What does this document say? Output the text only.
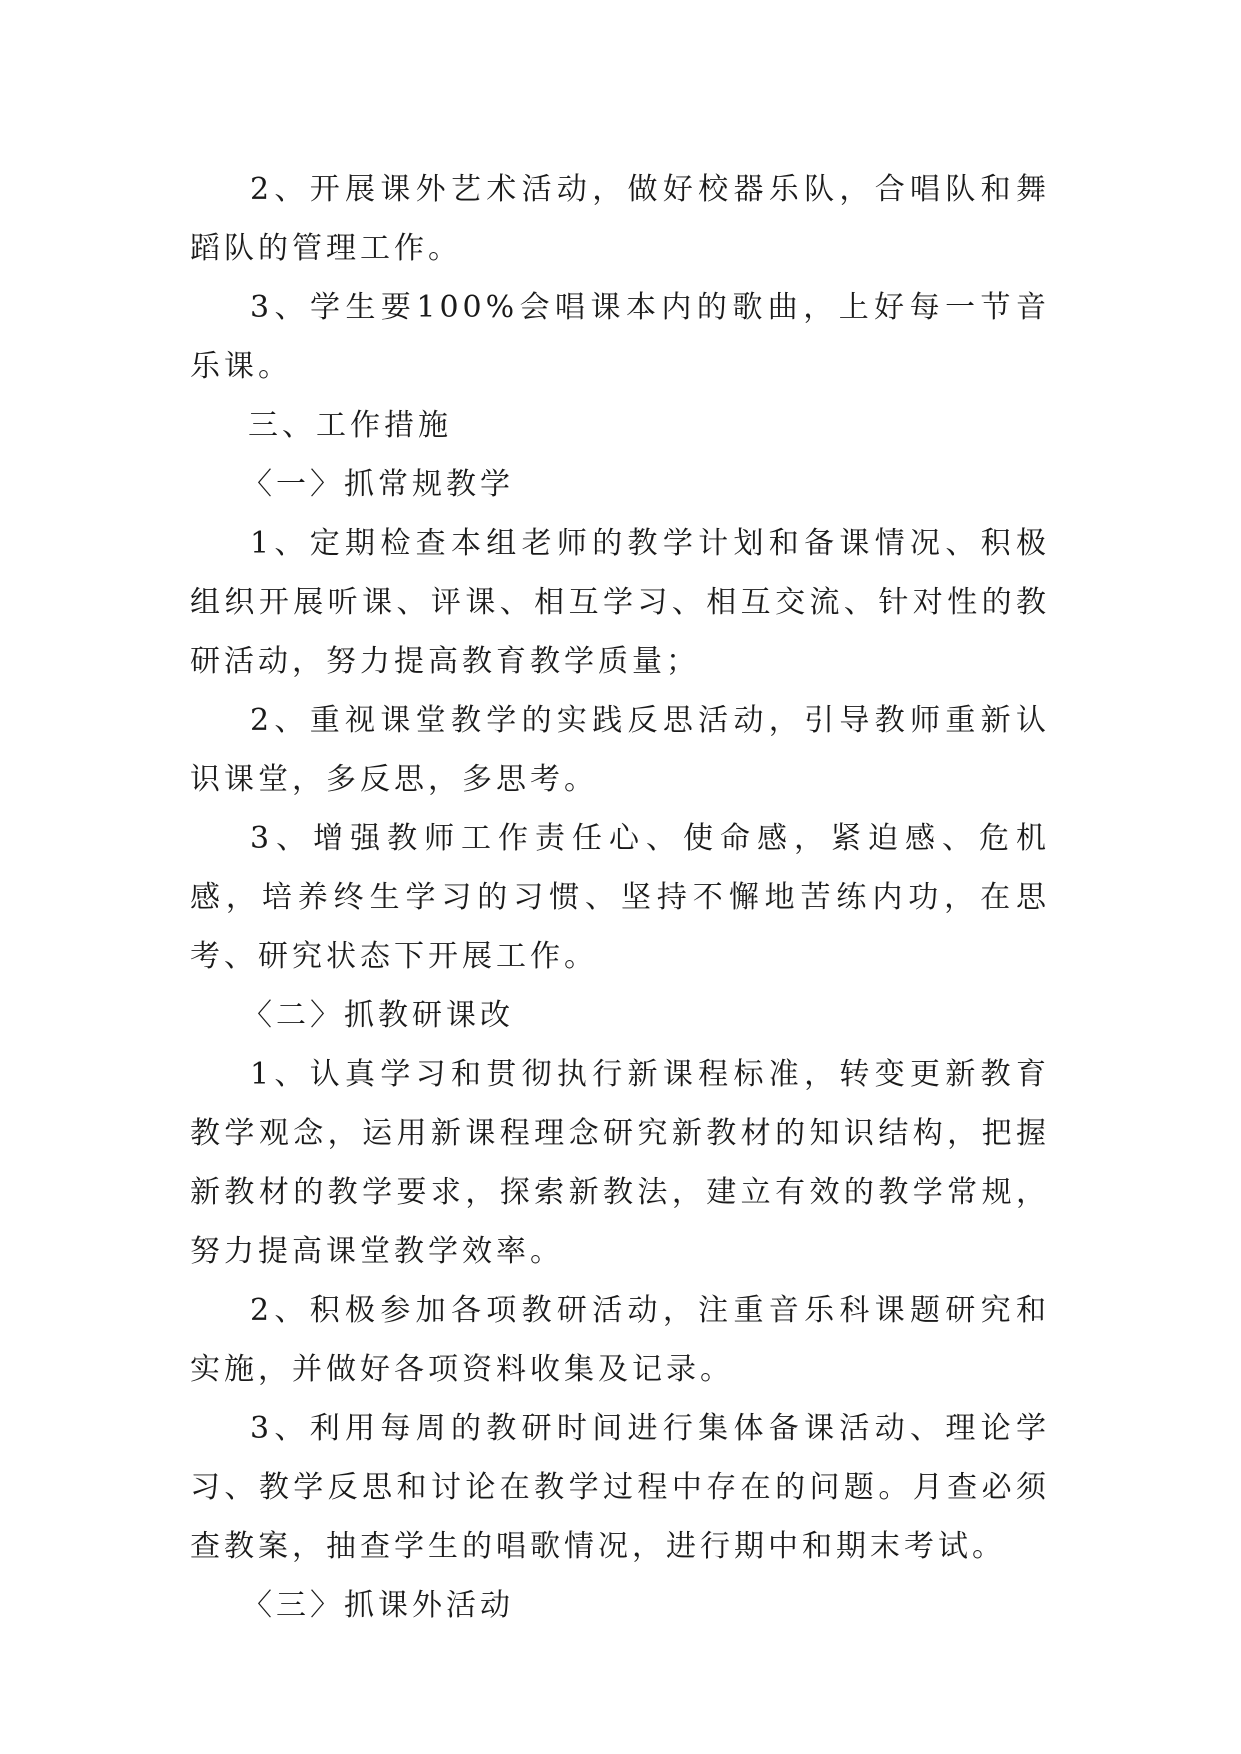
2、开展课外艺术活动，做好校器乐队，合唱队和舞蹈队的管理工作。

3、学生要100%会唱课本内的歌曲，上好每一节音乐课。

三、工作措施

〈一〉抓常规教学

1、定期检查本组老师的教学计划和备课情况、积极组织开展听课、评课、相互学习、相互交流、针对性的教研活动，努力提高教育教学质量；

2、重视课堂教学的实践反思活动，引导教师重新认识课堂，多反思，多思考。

3、增强教师工作责任心、使命感，紧迫感、危机感，培养终生学习的习惯、坚持不懈地苦练内功，在思考、研究状态下开展工作。

〈二〉抓教研课改

1、认真学习和贯彻执行新课程标准，转变更新教育教学观念，运用新课程理念研究新教材的知识结构，把握新教材的教学要求，探索新教法，建立有效的教学常规，努力提高课堂教学效率。

2、积极参加各项教研活动，注重音乐科课题研究和实施，并做好各项资料收集及记录。

3、利用每周的教研时间进行集体备课活动、理论学习、教学反思和讨论在教学过程中存在的问题。月查必须查教案，抽查学生的唱歌情况，进行期中和期末考试。

〈三〉抓课外活动
